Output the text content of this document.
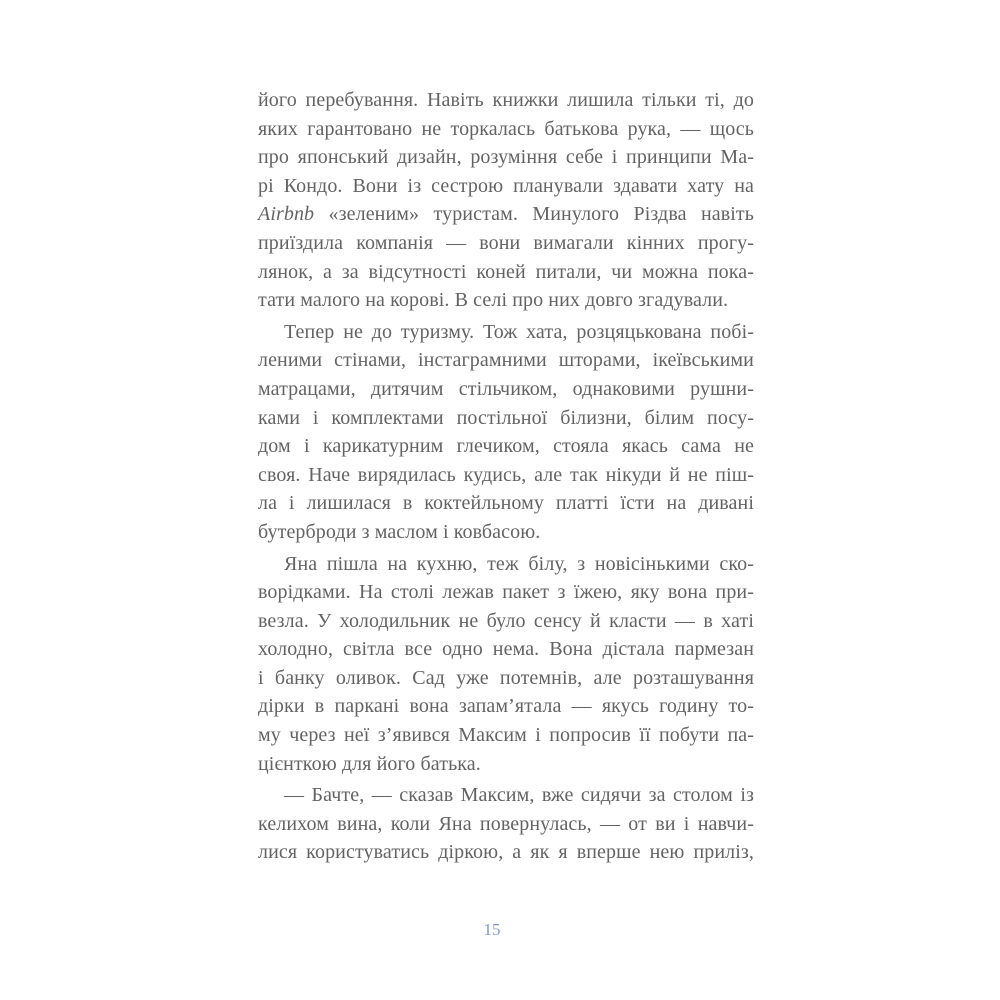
його перебування. Навіть книжки лишила тільки ті, до
яких гарантовано не торкалась батькова рука, — щось
про японський дизайн, розуміння себе і принципи Ма-
рі Кондо. Вони із сестрою планували здавати хату на
Airbnb «зеленим» туристам. Минулого Різдва навіть
приїздила компанія — вони вимагали кінних прогу-
лянок, а за відсутності коней питали, чи можна пока-
тати малого на корові. В селі про них довго згадували.
Тепер не до туризму. Тож хата, розцяцькована побі-
леними стінами, інстаграмними шторами, ікеївськими
матрацами, дитячим стільчиком, однаковими рушни-
ками і комплектами постільної білизни, білим посу-
дом і карикатурним глечиком, стояла якась сама не
своя. Наче вирядилась кудись, але так нікуди й не піш-
ла і лишилася в коктейльному платті їсти на дивані
бутерброди з маслом і ковбасою.
Яна пішла на кухню, теж білу, з новісінькими ско-
ворідками. На столі лежав пакет з їжею, яку вона при-
везла. У холодильник не було сенсу й класти — в хаті
холодно, світла все одно нема. Вона дістала пармезан
і банку оливок. Сад уже потемнів, але розташування
дірки в паркані вона запам’ятала — якусь годину то-
му через неї з’явився Максим і попросив її побути па-
цієнткою для його батька.
— Бачте, — сказав Максим, вже сидячи за столом із
келихом вина, коли Яна повернулась, — от ви і навчи-
лися користуватись діркою, а як я вперше нею приліз,
15
